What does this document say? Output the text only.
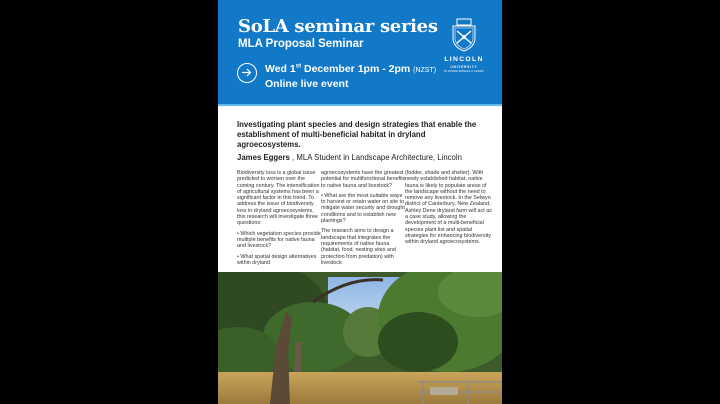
SoLA seminar series
MLA Proposal Seminar
Wed 1st December 1pm - 2pm (NZST)
Online live event
LINCOLN
UNIVERSITY
TE WHARE WĀNAKA O AORAKI
Investigating plant species and design strategies that enable the establishment of multi-beneficial habitat in dryland agroecosystems.
James Eggers , MLA Student in Landscape Architecture, Lincoln

Biodiversity loss is a global issue predicted to worsen over the coming century. The intensification of agricultural systems has been a significant factor in this trend. To address the issue of biodiversity loss in dryland agroecosystems, this research will investigate three questions:

• Which vegetation species provide multiple benefits for native fauna and livestock?

• What spatial design alternatives within dryland

agroecosystems have the greatest potential for multifunctional benefits to native fauna and livestock?

• What are the most suitable ways to harvest or retain water on site to mitigate water security and drought conditions and to establish new plantings?

The research aims to design a landscape that integrates the requirements of native fauna (habitat, food, nesting sites and protection from predation) with livestock

(fodder, shade and shelter). With newly established habitat, native fauna is likely to populate areas of the landscape without the need to remove any livestock. In the Selwyn district of Canterbury, New Zealand, Ashley Dene dryland farm will act as a case study, allowing the development of a multi-beneficial species plant list and spatial strategies for enhancing biodiversity within dryland agroecosystems.
